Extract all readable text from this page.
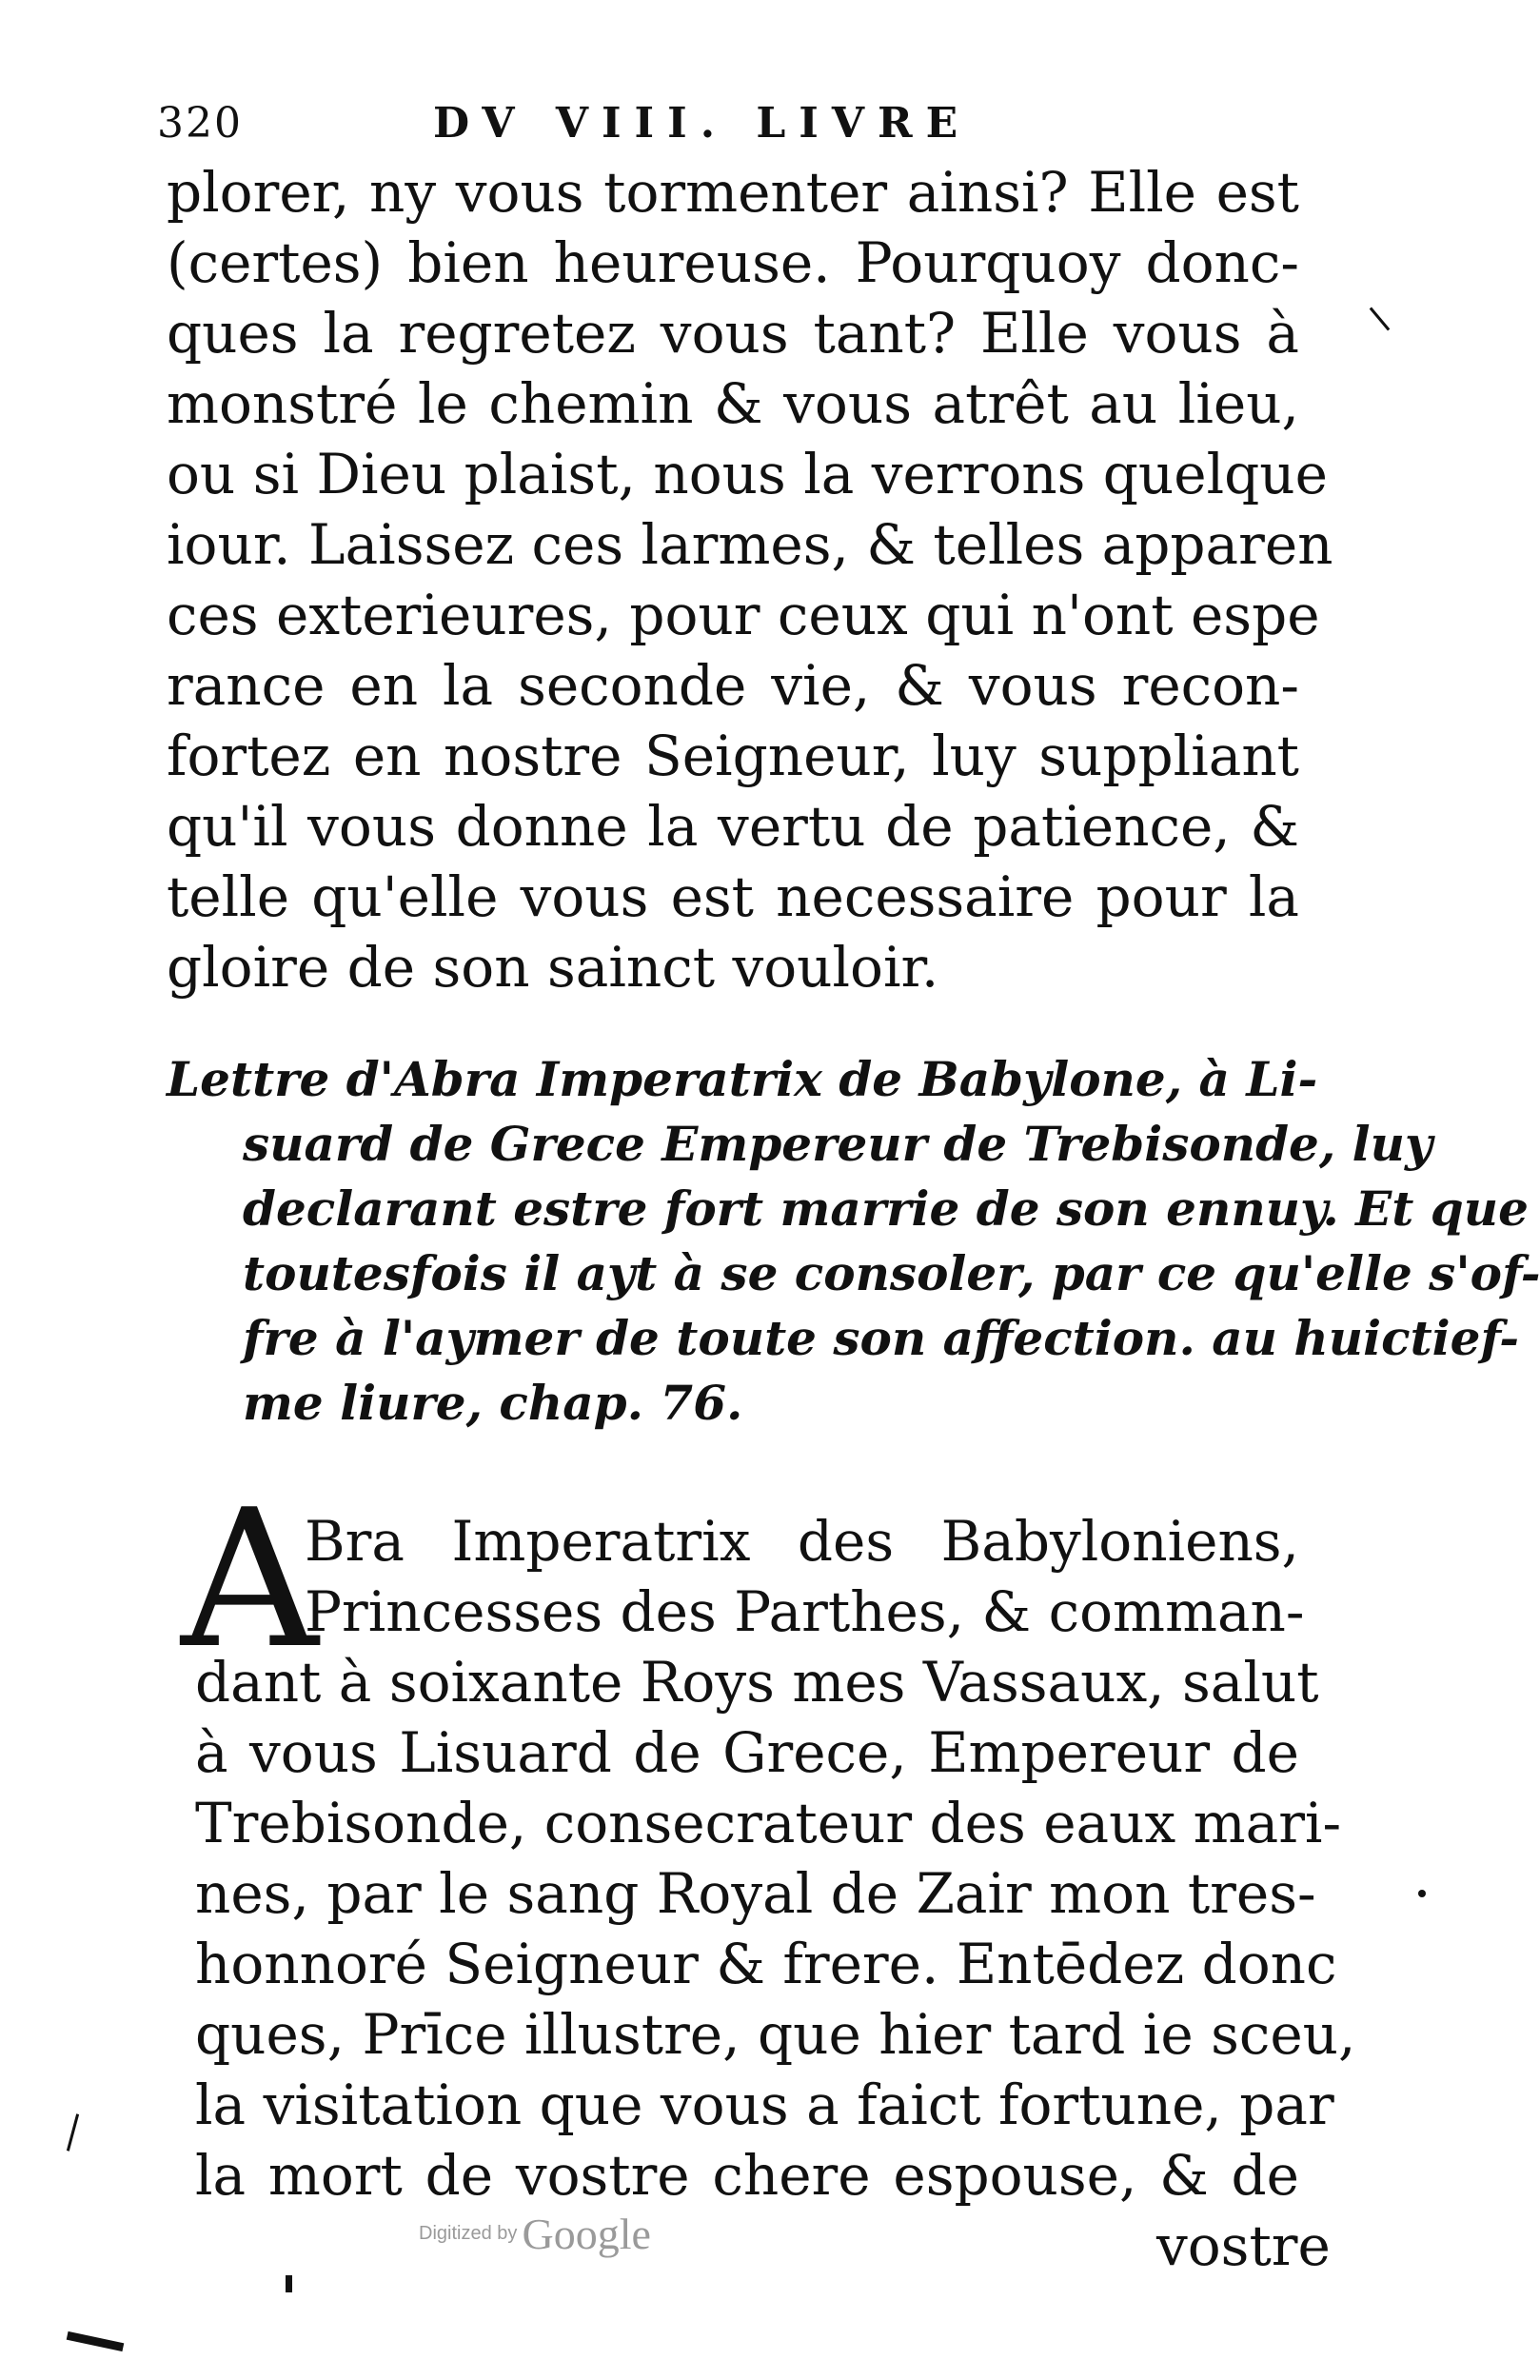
320	DV VIII. LIVRE
plorer, ny vous tormenter ainsi? Elle est
(certes) bien heureuse. Pourquoy donc-
ques la regretez vous tant? Elle vous à
monstré le chemin & vous atrêt au lieu,
ou si Dieu plaist, nous la verrons quelque
iour. Laissez ces larmes, & telles apparen
ces exterieures, pour ceux qui n'ont espe
rance en la seconde vie, & vous recon-
fortez en nostre Seigneur, luy suppliant
qu'il vous donne la vertu de patience, &
telle qu'elle vous est necessaire pour la
gloire de son sainct vouloir.
Lettre d'Abra Imperatrix de Babylone, à Li-
suard de Grece Empereur de Trebisonde, luy
declarant estre fort marrie de son ennuy. Et que
toutesfois il ayt à se consoler, par ce qu'elle s'of-
fre à l'aymer de toute son affection. au huictief-
me liure, chap. 76.
A
Bra Imperatrix des Babyloniens,
Princesses des Parthes, & comman-
dant à soixante Roys mes Vassaux, salut
à vous Lisuard de Grece, Empereur de
Trebisonde, consecrateur des eaux mari-
nes, par le sang Royal de Zair mon tres-
honnoré Seigneur & frere. Entēdez donc
ques, Prīce illustre, que hier tard ie sceu,
la visitation que vous a faict fortune, par
la mort de vostre chere espouse, & de
vostre
Digitized by Google
